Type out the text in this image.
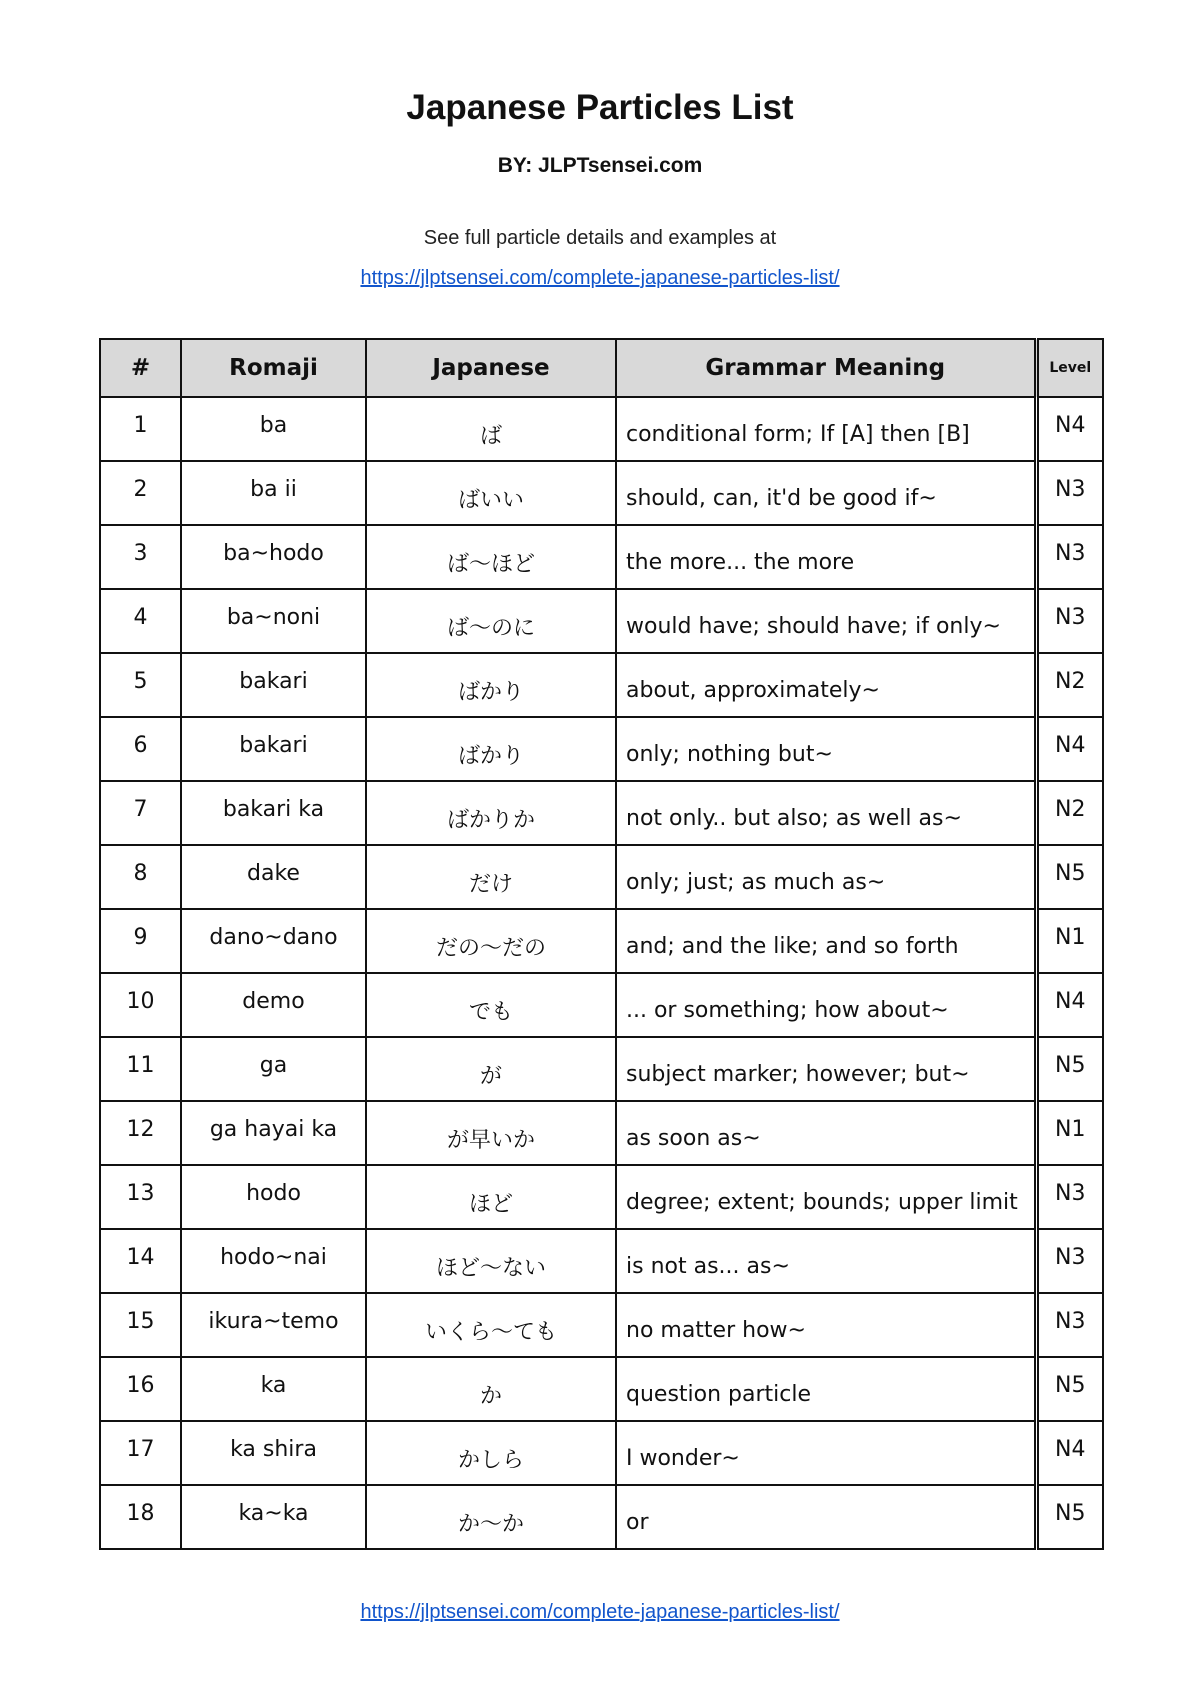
Japanese Particles List
BY: JLPTsensei.com
See full particle details and examples at
https://jlptsensei.com/complete-japanese-particles-list/
#	Romaji	Japanese	Grammar Meaning	Level
1	ba	ば	conditional form; If [A] then [B]	N4
2	ba ii	ばいい	should, can, it'd be good if~	N3
3	ba~hodo	ば～ほど	the more... the more	N3
4	ba~noni	ば～のに	would have; should have; if only~	N3
5	bakari	ばかり	about, approximately~	N2
6	bakari	ばかり	only; nothing but~	N4
7	bakari ka	ばかりか	not only.. but also; as well as~	N2
8	dake	だけ	only; just; as much as~	N5
9	dano~dano	だの～だの	and; and the like; and so forth	N1
10	demo	でも	... or something; how about~	N4
11	ga	が	subject marker; however; but~	N5
12	ga hayai ka	が早いか	as soon as~	N1
13	hodo	ほど	degree; extent; bounds; upper limit	N3
14	hodo~nai	ほど～ない	is not as... as~	N3
15	ikura~temo	いくら～ても	no matter how~	N3
16	ka	か	question particle	N5
17	ka shira	かしら	I wonder~	N4
18	ka~ka	か～か	or	N5
https://jlptsensei.com/complete-japanese-particles-list/
